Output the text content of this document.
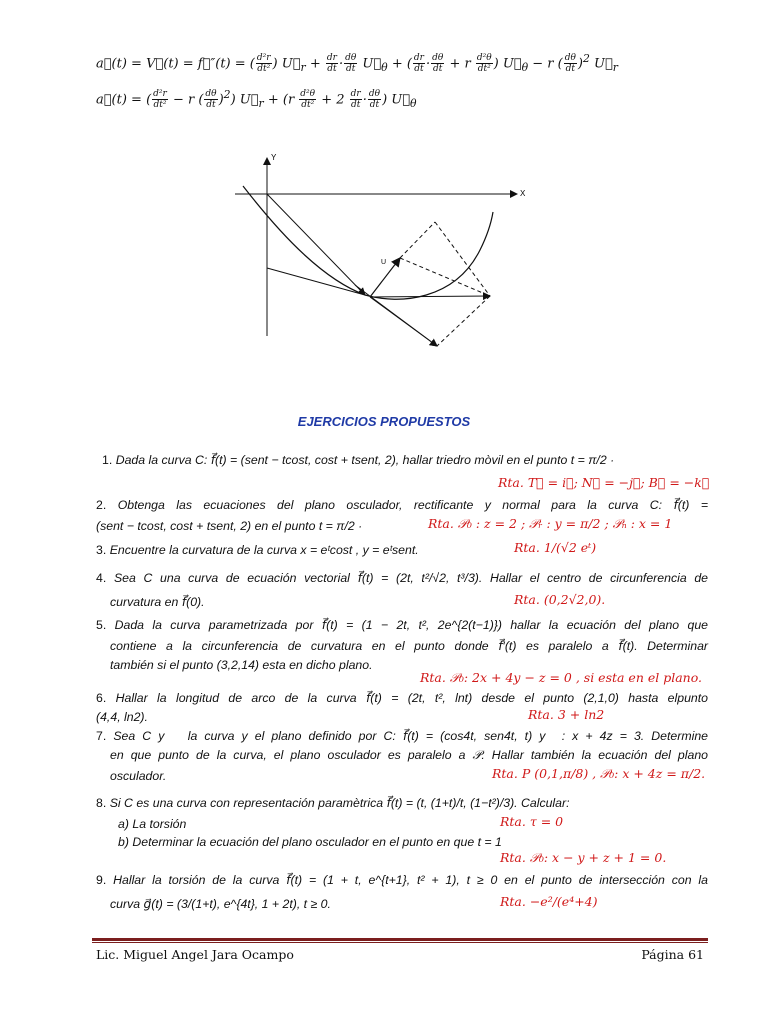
a⃗(t) = V⃗(t) = f⃗″(t) = ( $\frac{\text{d²r}}{\text{dt²}}$ ) $U⃗_r + \frac{dr}{dt} \cdot \frac{d\theta}{dt}$ $U⃗_\theta$ + ( $\frac{dr}{dt} \cdot \frac{d\theta}{dt} + r \frac{\text{d²θ}}{\text{dt²}}$ ) $U⃗_\theta - r$ ( $\frac{d\theta}{dt} )^2$ $U⃗_r$
a⃗(t) = ( $\frac{\text{d²r}}{\text{dt²}} - r$ ( $\frac{d\theta}{dt} )^2$) $U⃗_r + (r \frac{\text{d²θ}}{\text{dt²}} + 2 \frac{dr}{dt} \cdot \frac{d\theta}{dt}$ ) $U⃗_\theta$
Y
X
U
EJERCICIOS PROPUESTOS
1. Dada la curva C: f⃗(t) = (sent − tcost, cost + tsent, 2), hallar triedro mòvil en el punto t = π/2 ·
Rta. T⃗ = i⃗; N⃗ = −j⃗; B⃗ = −k⃗
2. Obtenga las ecuaciones del plano osculador, rectificante y normal para la curva C: f⃗(t) =
(sent − tcost, cost + tsent, 2) en el punto t = π/2 ·	Rta. 𝒫₀ : z = 2 ; 𝒫ᵣ : y = π/2 ; 𝒫ₙ : x = 1
3. Encuentre la curvatura de la curva x = eᵗcost , y = eᵗsent.	Rta. 1/(√2 eᵗ)
4. Sea C una curva de ecuación vectorial f⃗(t) = (2t, t²/√2, t³/3). Hallar el centro de circunferencia de
curvatura en f⃗(0).	Rta. (0,2√2,0).
5. Dada la curva parametrizada por f⃗(t) = (1 − 2t, t², 2e^{2(t−1)}) hallar la ecuación del plano que
contiene a la circunferencia de curvatura en el punto donde f⃗′(t) es paralelo a f⃗(t). Determinar
también si el punto (3,2,14) esta en dicho plano.
Rta. 𝒫₀: 2x + 4y − z = 0 , si esta en el plano.
6. Hallar la longitud de arco de la curva f⃗(t) = (2t, t², lnt) desde el punto (2,1,0) hasta elpunto
(4,4, ln2).	Rta. 3 + ln2
7. Sea C y 𝒫 la curva y el plano definido por C: f⃗(t) = (cos4t, sen4t, t) y 𝒫: x + 4z = 3. Determine
en que punto de la curva, el plano osculador es paralelo a 𝒫. Hallar también la ecuación del plano
osculador.	Rta. P (0,1,π/8) , 𝒫₀: x + 4z = π/2.
8. Si C es una curva con representación paramètrica f⃗(t) = (t, (1+t)/t, (1−t²)/3). Calcular:
a) La torsión	Rta. τ = 0
b) Determinar la ecuación del plano osculador en el punto en que t = 1
Rta. 𝒫₀: x − y + z + 1 = 0.
9. Hallar la torsión de la curva f⃗(t) = (1 + t, e^{t+1}, t² + 1), t ≥ 0 en el punto de intersección con la
curva g⃗(t) = (3/(1+t), e^{4t}, 1 + 2t), t ≥ 0.	Rta. −e²/(e⁴+4)
Lic. Miguel Angel Jara Ocampo	Página 61
